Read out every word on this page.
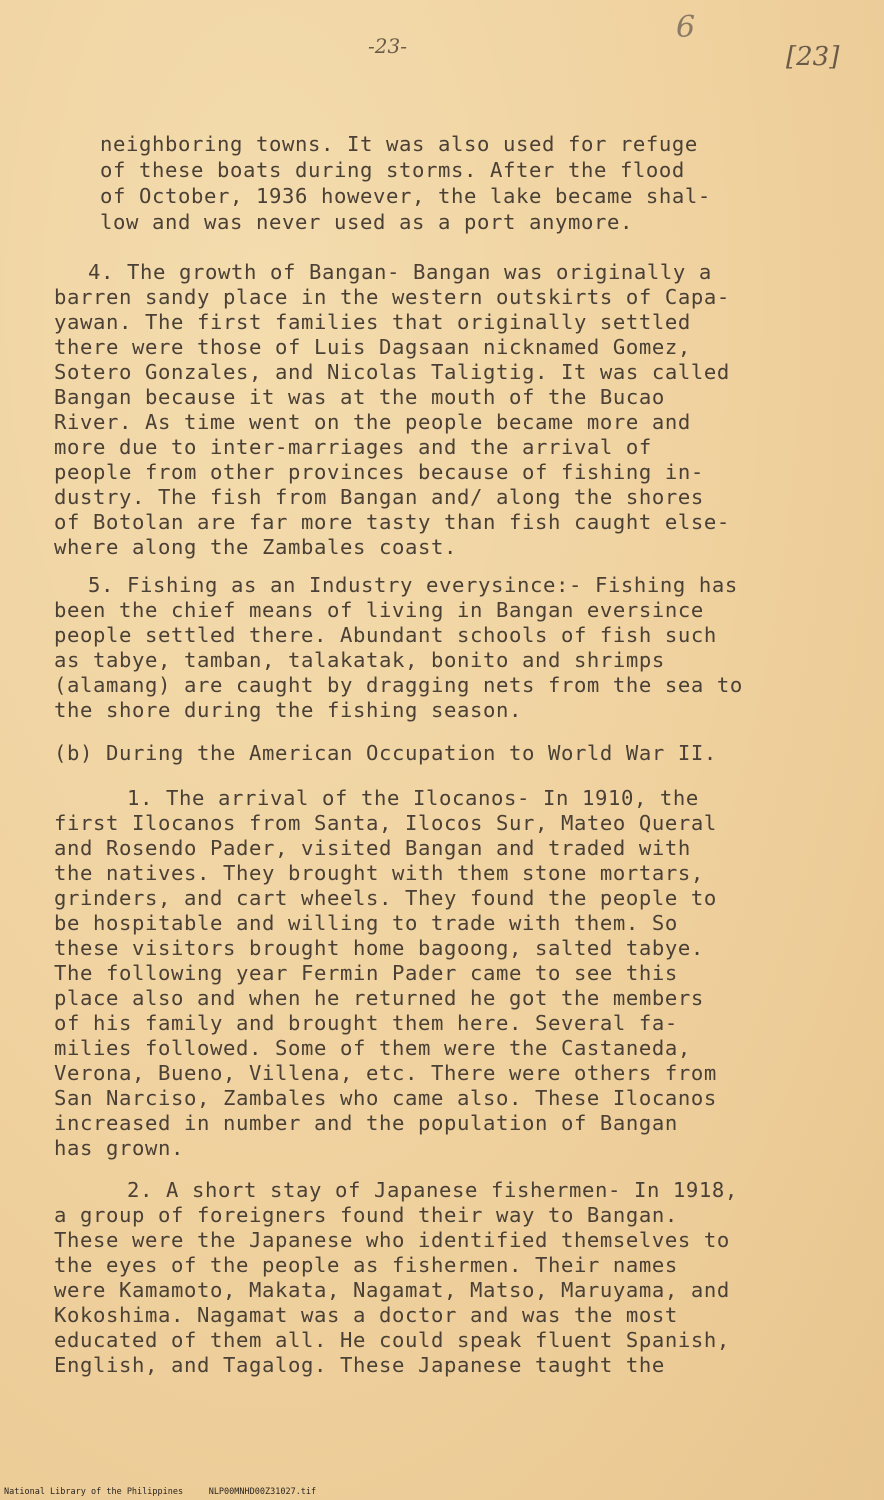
-23-
6
[23]
neighboring towns. It was also used for refuge
of these boats during storms. After the flood
of October, 1936 however, the lake became shal-
low and was never used as a port anymore.
4. The growth of Bangan- Bangan was originally a
barren sandy place in the western outskirts of Capa-
yawan. The first families that originally settled
there were those of Luis Dagsaan nicknamed Gomez,
Sotero Gonzales, and Nicolas Taligtig. It was called
Bangan because it was at the mouth of the Bucao
River. As time went on the people became more and
more due to inter-marriages and the arrival of
people from other provinces because of fishing in-
dustry. The fish from Bangan and/ along the shores
of Botolan are far more tasty than fish caught else-
where along the Zambales coast.
5. Fishing as an Industry everysince:- Fishing has
been the chief means of living in Bangan eversince
people settled there. Abundant schools of fish such
as tabye, tamban, talakatak, bonito and shrimps
(alamang) are caught by dragging nets from the sea to
the shore during the fishing season.
(b) During the American Occupation to World War II.
1. The arrival of the Ilocanos- In 1910, the
first Ilocanos from Santa, Ilocos Sur, Mateo Queral
and Rosendo Pader, visited Bangan and traded with
the natives. They brought with them stone mortars,
grinders, and cart wheels. They found the people to
be hospitable and willing to trade with them. So
these visitors brought home bagoong, salted tabye.
The following year Fermin Pader came to see this
place also and when he returned he got the members
of his family and brought them here. Several fa-
milies followed. Some of them were the Castaneda,
Verona, Bueno, Villena, etc. There were others from
San Narciso, Zambales who came also. These Ilocanos
increased in number and the population of Bangan
has grown.
2. A short stay of Japanese fishermen- In 1918,
a group of foreigners found their way to Bangan.
These were the Japanese who identified themselves to
the eyes of the people as fishermen. Their names
were Kamamoto, Makata, Nagamat, Matso, Maruyama, and
Kokoshima. Nagamat was a doctor and was the most
educated of them all. He could speak fluent Spanish,
English, and Tagalog. These Japanese taught the
National Library of the Philippines     NLP00MNHD00Z31027.tif
